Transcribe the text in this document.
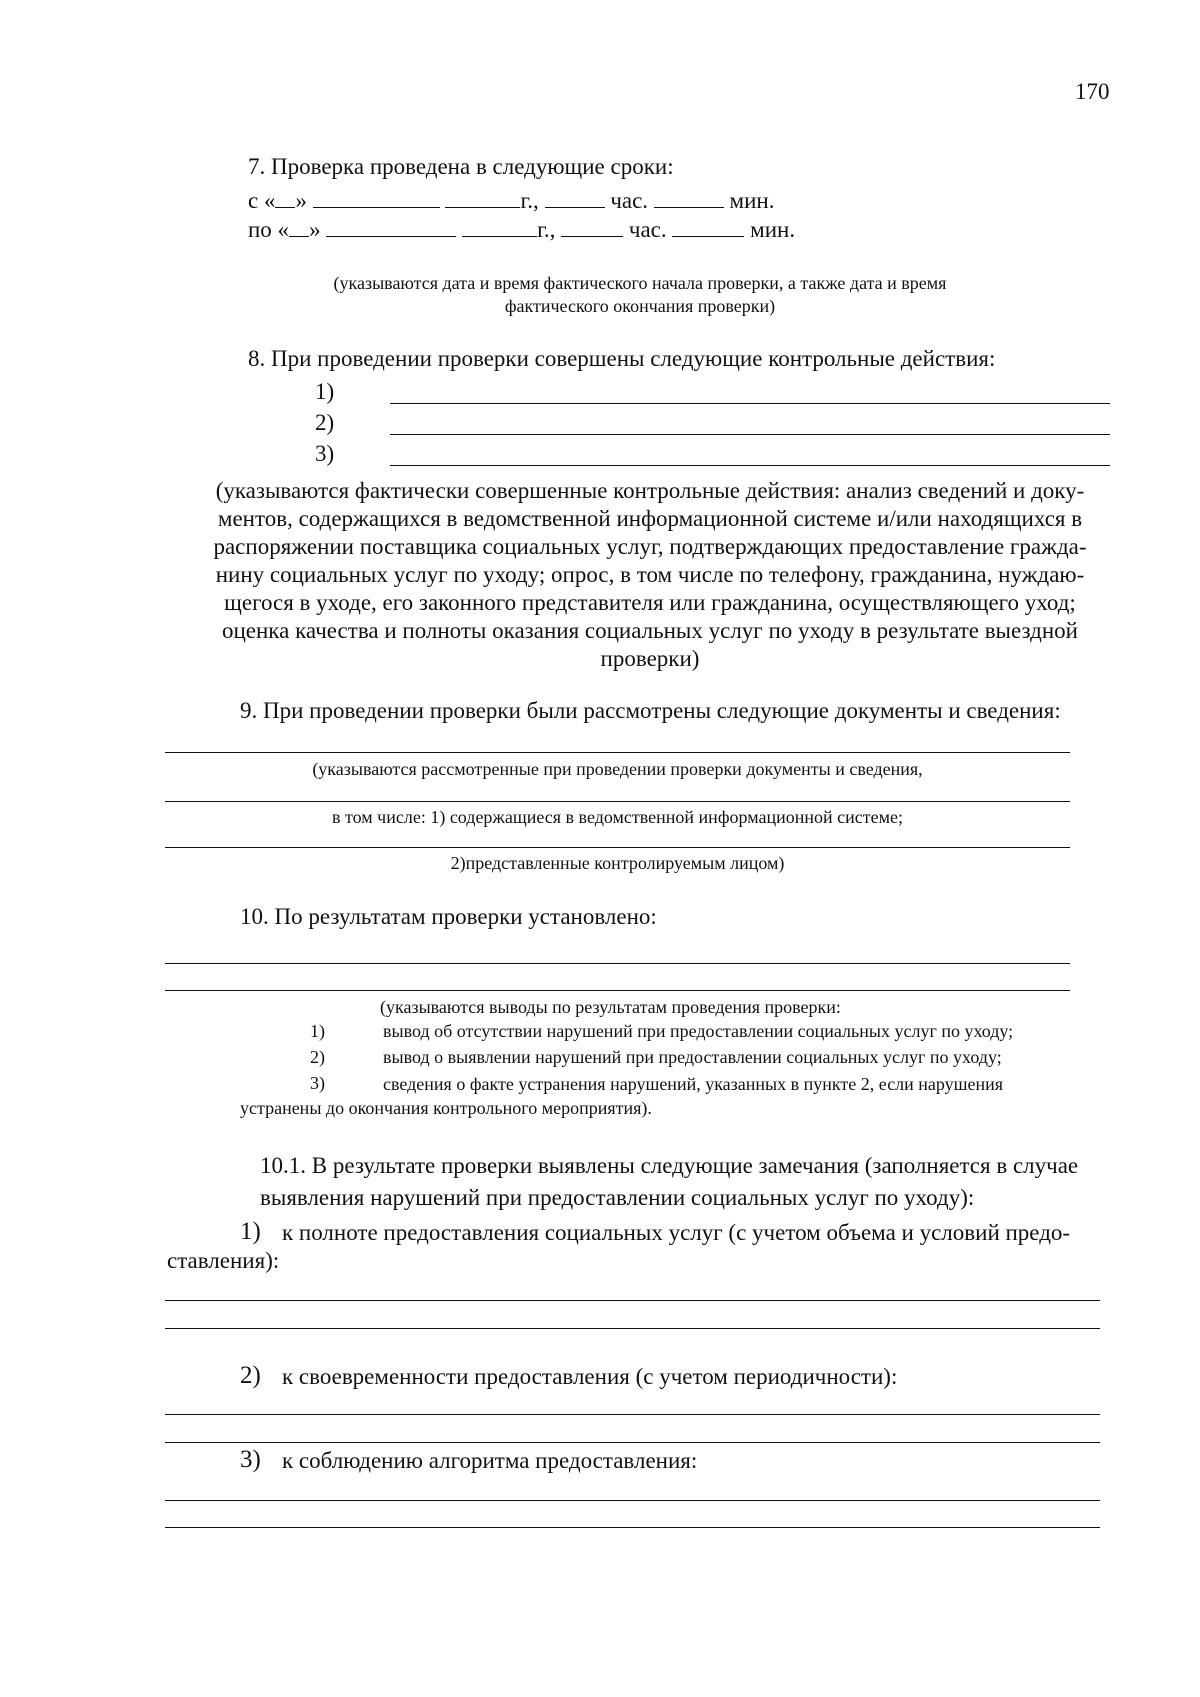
170
7. Проверка проведена в следующие сроки:
с « »	г.,	час.	мин.
по « »	г.,	час.	мин.
(указываются дата и время фактического начала проверки, а также дата и время
фактического окончания проверки)
8. При проведении проверки совершены следующие контрольные действия:
1)
2)
3)
(указываются фактически совершенные контрольные действия: анализ сведений и доку-
ментов, содержащихся в ведомственной информационной системе и/или находящихся в
распоряжении поставщика социальных услуг, подтверждающих предоставление гражда-
нину социальных услуг по уходу; опрос, в том числе по телефону, гражданина, нуждаю-
щегося в уходе, его законного представителя или гражданина, осуществляющего уход;
оценка качества и полноты оказания социальных услуг по уходу в результате выездной
проверки)
9. При проведении проверки были рассмотрены следующие документы и сведения:
(указываются рассмотренные при проведении проверки документы и сведения,
в том числе: 1) содержащиеся в ведомственной информационной системе;
2)представленные контролируемым лицом)
10. По результатам проверки установлено:
(указываются выводы по результатам проведения проверки:
1)	вывод об отсутствии нарушений при предоставлении социальных услуг по уходу;
2)	вывод о выявлении нарушений при предоставлении социальных услуг по уходу;
3)	сведения о факте устранения нарушений, указанных в пункте 2, если нарушения
устранены до окончания контрольного мероприятия).
10.1. В результате проверки выявлены следующие замечания (заполняется в случае
выявления нарушений при предоставлении социальных услуг по уходу):
1) к полноте предоставления социальных услуг (с учетом объема и условий предо-
ставления):
2) к своевременности предоставления (с учетом периодичности):
3) к соблюдению алгоритма предоставления:
